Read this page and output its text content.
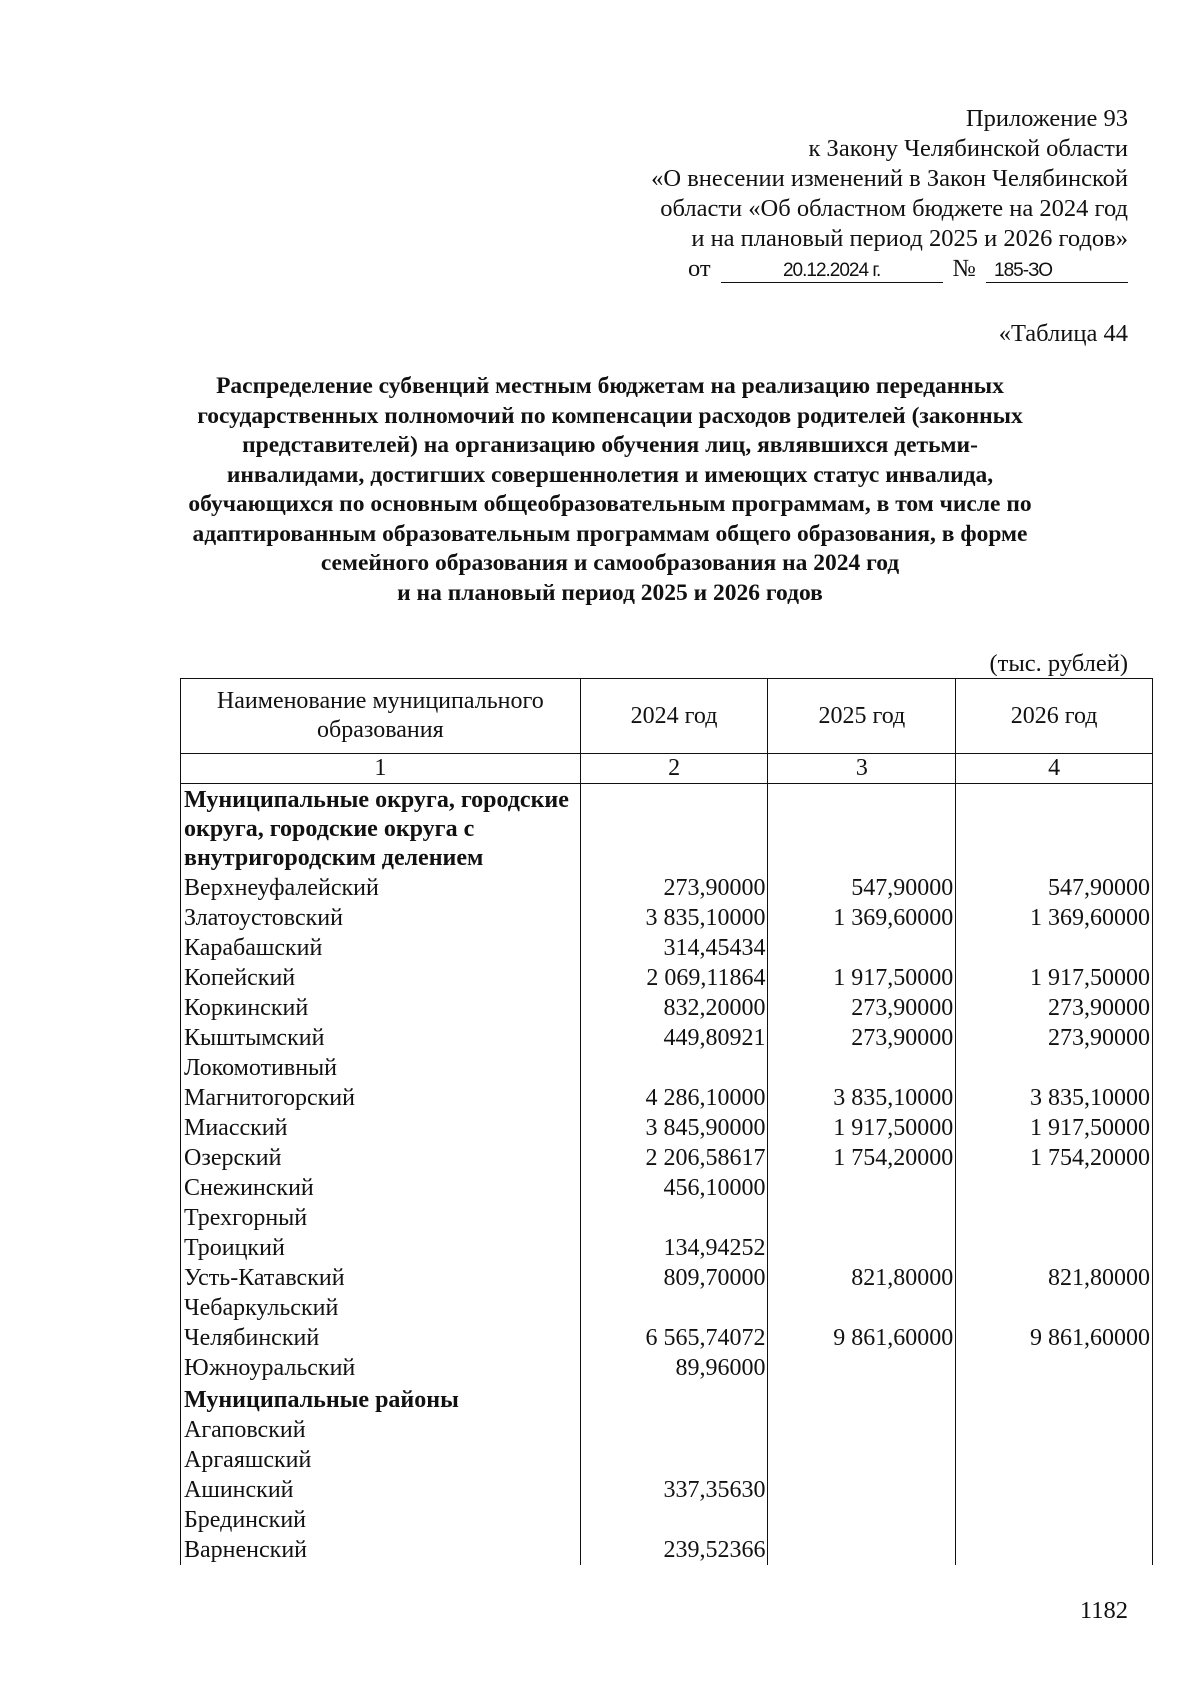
Приложение 93
к Закону Челябинской области
«О внесении изменений в Закон Челябинской
области «Об областном бюджете на 2024 год
и на плановый период 2025 и 2026 годов»
от	20.12.2024 г.	№ 185-ЗО
«Таблица 44
Распределение субвенций местным бюджетам на реализацию переданных
государственных полномочий по компенсации расходов родителей (законных
представителей) на организацию обучения лиц, являвшихся детьми-
инвалидами, достигших совершеннолетия и имеющих статус инвалида,
обучающихся по основным общеобразовательным программам, в том числе по
адаптированным образовательным программам общего образования, в форме
семейного образования и самообразования на 2024 год
и на плановый период 2025 и 2026 годов
(тыс. рублей)
Наименование муниципального образования	2024 год	2025 год	2026 год
1	2	3	4
Муниципальные округа, городские округа, городские округа с внутригородским делением			
Верхнеуфалейский	273,90000	547,90000	547,90000
Златоустовский	3 835,10000	1 369,60000	1 369,60000
Карабашский	314,45434		
Копейский	2 069,11864	1 917,50000	1 917,50000
Коркинский	832,20000	273,90000	273,90000
Кыштымский	449,80921	273,90000	273,90000
Локомотивный			
Магнитогорский	4 286,10000	3 835,10000	3 835,10000
Миасский	3 845,90000	1 917,50000	1 917,50000
Озерский	2 206,58617	1 754,20000	1 754,20000
Снежинский	456,10000		
Трехгорный			
Троицкий	134,94252		
Усть-Катавский	809,70000	821,80000	821,80000
Чебаркульский			
Челябинский	6 565,74072	9 861,60000	9 861,60000
Южноуральский	89,96000		
Муниципальные районы			
Агаповский			
Аргаяшский			
Ашинский	337,35630		
Брединский			
Варненский	239,52366		
1182
